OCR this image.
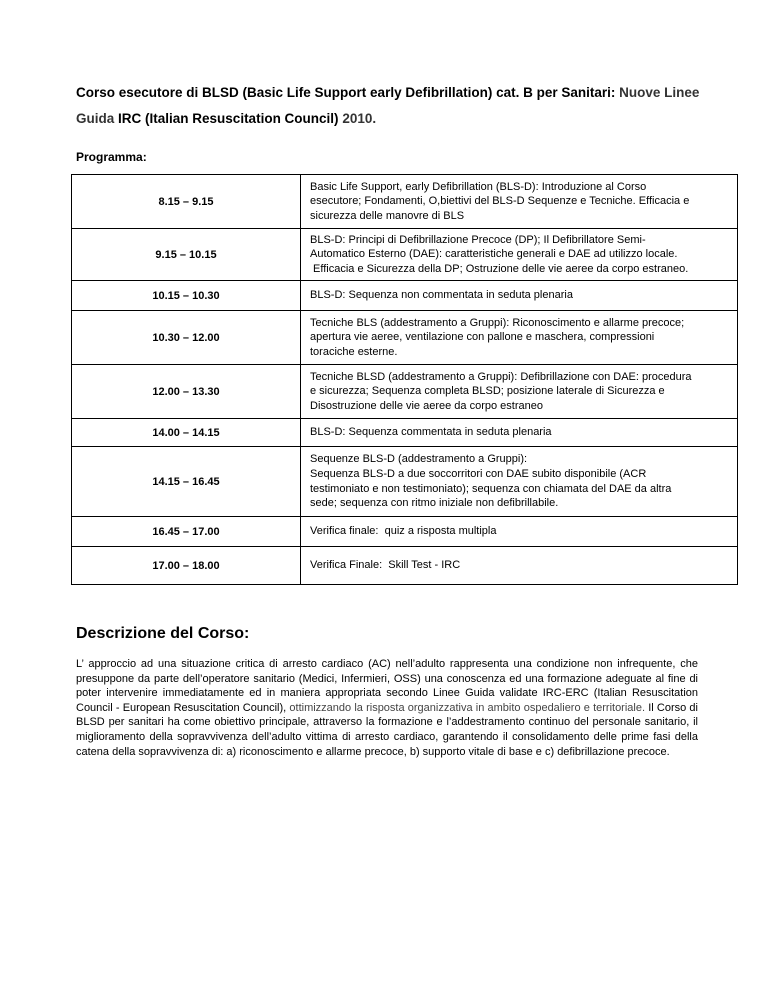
Corso esecutore di BLSD (Basic Life Support early Defibrillation) cat. B per Sanitari: Nuove Linee Guida IRC (Italian Resuscitation Council) 2010.
Programma:
8.15 – 9.15	Basic Life Support, early Defibrillation (BLS-D): Introduzione al Corso
esecutore; Fondamenti, O,biettivi del BLS-D Sequenze e Tecniche. Efficacia e
sicurezza delle manovre di BLS

9.15 – 10.15	BLS-D: Principi di Defibrillazione Precoce (DP); Il Defibrillatore Semi-
Automatico Esterno (DAE): caratteristiche generali e DAE ad utilizzo locale.
Efficacia e Sicurezza della DP; Ostruzione delle vie aeree da corpo estraneo.

10.15 – 10.30	BLS-D: Sequenza non commentata in seduta plenaria

10.30 – 12.00	Tecniche BLS (addestramento a Gruppi): Riconoscimento e allarme precoce;
apertura vie aeree, ventilazione con pallone e maschera, compressioni
toraciche esterne.

12.00 – 13.30	Tecniche BLSD (addestramento a Gruppi): Defibrillazione con DAE: procedura
e sicurezza; Sequenza completa BLSD; posizione laterale di Sicurezza e
Disostruzione delle vie aeree da corpo estraneo

14.00 – 14.15	BLS-D: Sequenza commentata in seduta plenaria

14.15 – 16.45	Sequenze BLS-D (addestramento a Gruppi):
Sequenza BLS-D a due soccorritori con DAE subito disponibile (ACR
testimoniato e non testimoniato); sequenza con chiamata del DAE da altra
sede; sequenza con ritmo iniziale non defibrillabile.

16.45 – 17.00	Verifica finale:  quiz a risposta multipla

17.00 – 18.00	Verifica Finale:  Skill Test - IRC
Descrizione del Corso:
L’ approccio ad una situazione critica di arresto cardiaco (AC) nell’adulto rappresenta una condizione non infrequente, che presuppone da parte dell’operatore sanitario (Medici, Infermieri, OSS) una conoscenza ed una formazione adeguate al fine di poter intervenire immediatamente ed in maniera appropriata secondo Linee Guida validate IRC-ERC (Italian Resuscitation Council - European Resuscitation Council), ottimizzando la risposta organizzativa in ambito ospedaliero e territoriale. Il Corso di BLSD per sanitari ha come obiettivo principale, attraverso la formazione e l’addestramento continuo del personale sanitario, il miglioramento della sopravvivenza dell’adulto vittima di arresto cardiaco, garantendo il consolidamento delle prime fasi della catena della sopravvivenza di: a) riconoscimento e allarme precoce, b) supporto vitale di base e c) defibrillazione precoce.
